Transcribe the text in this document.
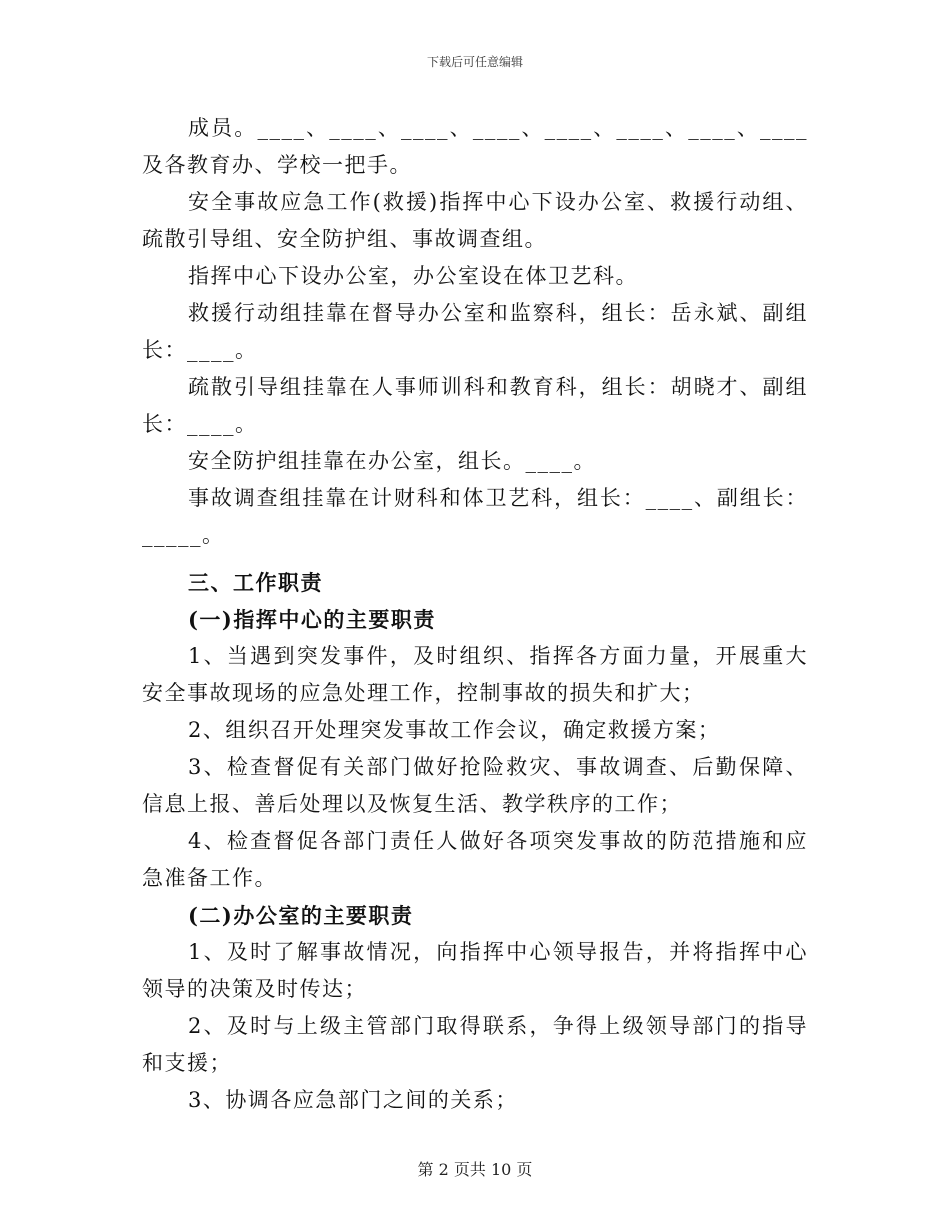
下载后可任意编辑
成员。____、____、____、____、____、____、____、____及各教育办、学校一把手。
安全事故应急工作(救援)指挥中心下设办公室、救援行动组、疏散引导组、安全防护组、事故调查组。
指挥中心下设办公室，办公室设在体卫艺科。
救援行动组挂靠在督导办公室和监察科，组长：岳永斌、副组长：____。
疏散引导组挂靠在人事师训科和教育科，组长：胡晓才、副组长：____。
安全防护组挂靠在办公室，组长。____。
事故调查组挂靠在计财科和体卫艺科，组长：____、副组长：_____。
三、工作职责
(一)指挥中心的主要职责
1、当遇到突发事件，及时组织、指挥各方面力量，开展重大安全事故现场的应急处理工作，控制事故的损失和扩大；
2、组织召开处理突发事故工作会议，确定救援方案；
3、检查督促有关部门做好抢险救灾、事故调查、后勤保障、信息上报、善后处理以及恢复生活、教学秩序的工作；
4、检查督促各部门责任人做好各项突发事故的防范措施和应急准备工作。
(二)办公室的主要职责
1、及时了解事故情况，向指挥中心领导报告，并将指挥中心领导的决策及时传达；
2、及时与上级主管部门取得联系，争得上级领导部门的指导和支援；
3、协调各应急部门之间的关系；
第 2 页共 10 页
